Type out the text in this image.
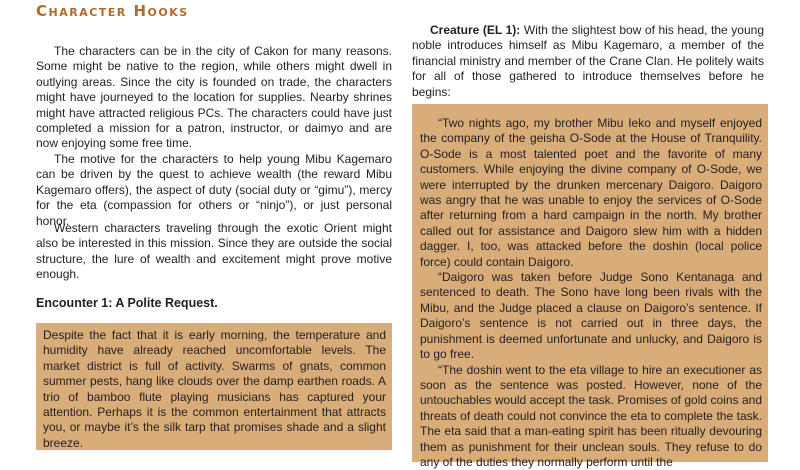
Character Hooks

The characters can be in the city of Cakon for many reasons. Some might be native to the region, while others might dwell in outlying areas. Since the city is founded on trade, the characters might have journeyed to the location for supplies. Nearby shrines might have attracted religious PCs. The characters could have just completed a mission for a patron, instructor, or daimyo and are now enjoying some free time.

The motive for the characters to help young Mibu Kagemaro can be driven by the quest to achieve wealth (the reward Mibu Kagemaro offers), the aspect of duty (social duty or “gimu”), mercy for the eta (compassion for others or “ninjo”), or just personal honor.

Western characters traveling through the exotic Orient might also be interested in this mission. Since they are outside the social structure, the lure of wealth and excitement might prove motive enough.

Encounter 1: A Polite Request.

Despite the fact that it is early morning, the temperature and humidity have already reached uncomfortable levels. The market district is full of activity. Swarms of gnats, common summer pests, hang like clouds over the damp earthen roads. A trio of bamboo flute playing musicians has captured your attention. Perhaps it is the common entertainment that attracts you, or maybe it’s the silk tarp that promises shade and a slight breeze.

Creature (EL 1): With the slightest bow of his head, the young noble introduces himself as Mibu Kagemaro, a member of the financial ministry and member of the Crane Clan. He politely waits for all of those gathered to introduce themselves before he begins:

“Two nights ago, my brother Mibu Ieko and myself enjoyed the company of the geisha O-Sode at the House of Tranquility. O-Sode is a most talented poet and the favorite of many customers. While enjoying the divine company of O-Sode, we were interrupted by the drunken mercenary Daigoro. Daigoro was angry that he was unable to enjoy the services of O-Sode after returning from a hard campaign in the north. My brother called out for assistance and Daigoro slew him with a hidden dagger. I, too, was attacked before the doshin (local police force) could contain Daigoro.

“Daigoro was taken before Judge Sono Kentanaga and sentenced to death. The Sono have long been rivals with the Mibu, and the Judge placed a clause on Daigoro’s sentence. If Daigoro’s sentence is not carried out in three days, the punishment is deemed unfortunate and unlucky, and Daigoro is to go free.

“The doshin went to the eta village to hire an executioner as soon as the sentence was posted. However, none of the untouchables would accept the task. Promises of gold coins and threats of death could not convince the eta to complete the task. The eta said that a man-eating spirit has been ritually devouring them as punishment for their unclean souls. They refuse to do any of the duties they normally perform until the
